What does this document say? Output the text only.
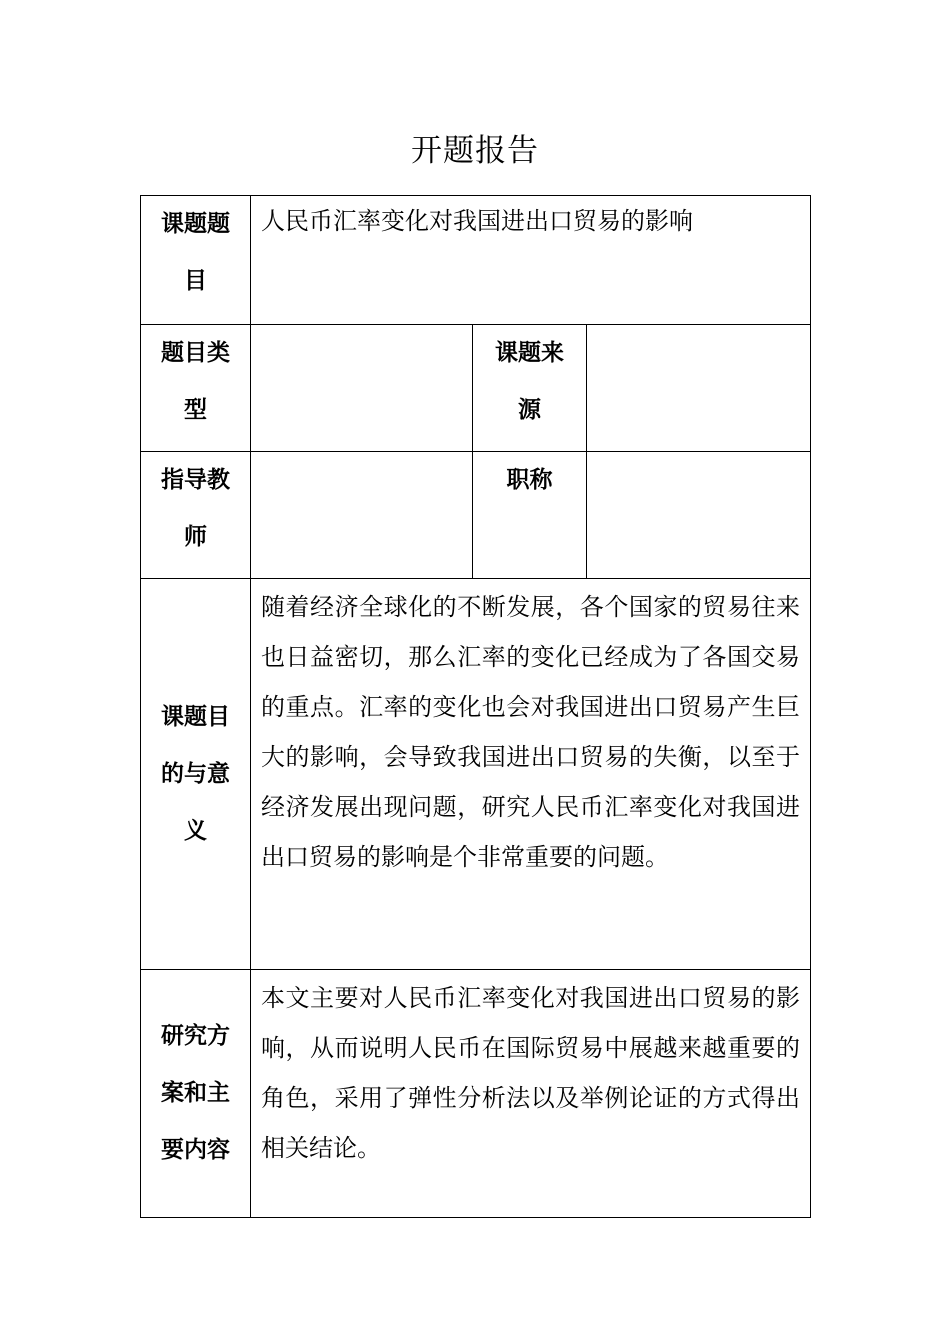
开题报告
课题题目	人民币汇率变化对我国进出口贸易的影响		
题目类型		课题来源	
指导教师		职称	
课题目的与意义	随着经济全球化的不断发展，各个国家的贸易往来也日益密切，那么汇率的变化已经成为了各国交易的重点。汇率的变化也会对我国进出口贸易产生巨大的影响，会导致我国进出口贸易的失衡，以至于经济发展出现问题，研究人民币汇率变化对我国进出口贸易的影响是个非常重要的问题。		

研究方案和主要内容	本文主要对人民币汇率变化对我国进出口贸易的影响，从而说明人民币在国际贸易中展越来越重要的角色，采用了弹性分析法以及举例论证的方式得出相关结论。		
